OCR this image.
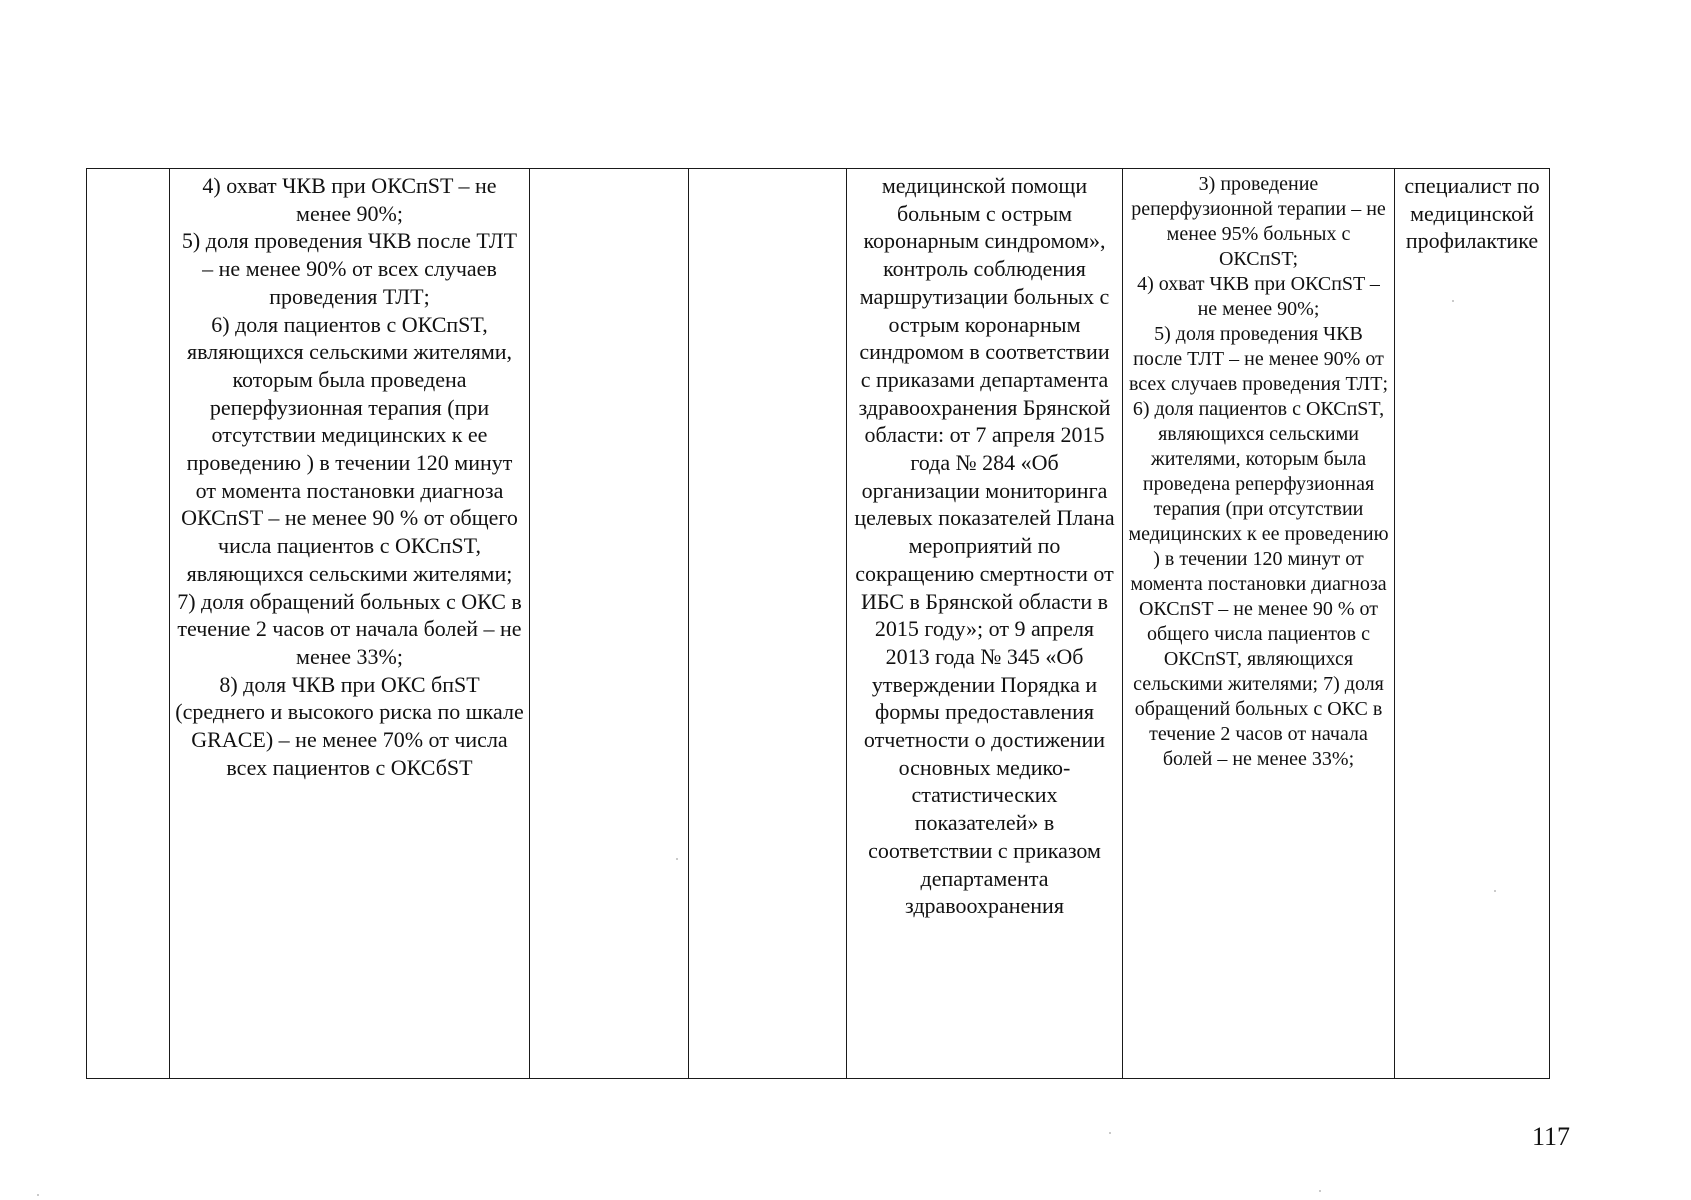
	4) охват ЧКВ при ОКСпST – не менее 90%;
5) доля проведения ЧКВ после ТЛТ – не менее 90% от всех случаев проведения ТЛТ;
6) доля пациентов с ОКСпST, являющихся сельскими жителями, которым была проведена реперфузионная терапия (при отсутствии медицинских к ее проведению ) в течении 120 минут от момента постановки диагноза ОКСпST – не менее 90 % от общего числа пациентов с ОКСпST, являющихся сельскими жителями;
7) доля обращений больных с ОКС в течение 2 часов от начала болей – не менее 33%;
8) доля ЧКВ при ОКС бпST (среднего и высокого риска по шкале GRACE) – не менее 70% от числа всех пациентов с ОКСбST			медицинской помощи больным с острым коронарным синдромом», контроль соблюдения маршрутизации больных с острым коронарным синдромом в соответствии с приказами департамента здравоохранения Брянской области: от 7 апреля 2015 года № 284 «Об организации мониторинга целевых показателей Плана мероприятий по сокращению смертности от ИБС в Брянской области в 2015 году»; от 9 апреля 2013 года № 345 «Об утверждении Порядка и формы предоставления отчетности о достижении основных медико-статистических показателей» в соответствии с приказом департамента здравоохранения	3) проведение реперфузионной терапии – не менее 95% больных с ОКСпST;
4) охват ЧКВ при ОКСпST – не менее 90%;
5) доля проведения ЧКВ после ТЛТ – не менее 90% от всех случаев проведения ТЛТ;
6) доля пациентов с ОКСпST, являющихся сельскими жителями, которым была проведена реперфузионная терапия (при отсутствии медицинских к ее проведению ) в течении 120 минут от момента постановки диагноза ОКСпST – не менее 90 % от общего числа пациентов с ОКСпST, являющихся сельскими жителями; 7) доля обращений больных с ОКС в течение 2 часов от начала болей – не менее 33%;	специалист по медицинской профилактике
117
